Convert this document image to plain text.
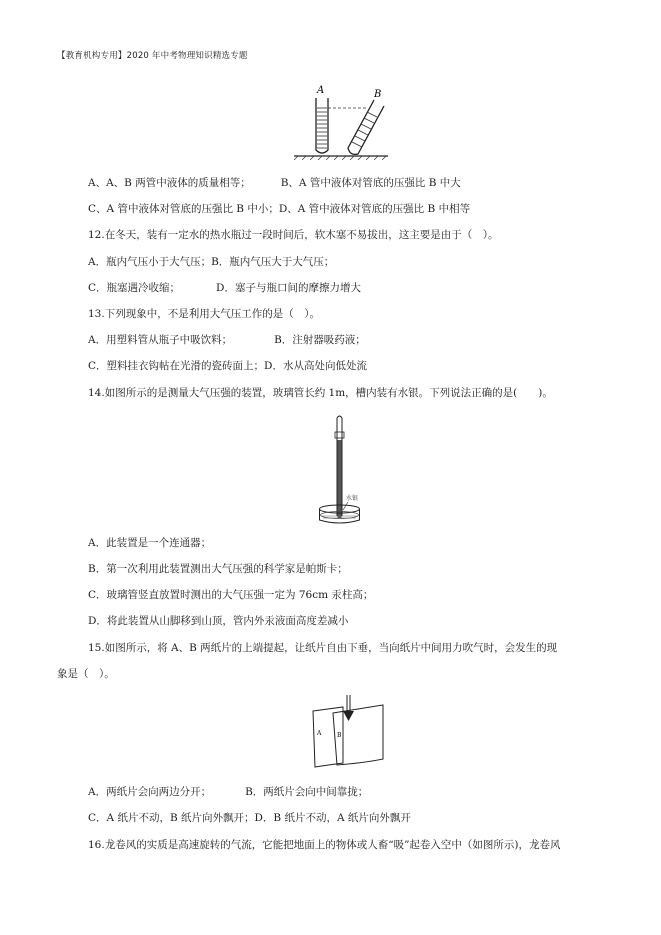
【教育机构专用】2020 年中考物理知识精选专题
A	B
A、A、B 两管中液体的质量相等；	B、A 管中液体对管底的压强比 B 中大
C、A 管中液体对管底的压强比 B 中小；D、A 管中液体对管底的压强比 B 中相等
12.在冬天，装有一定水的热水瓶过一段时间后，软木塞不易拔出，这主要是由于（　）。
A．瓶内气压小于大气压；B．瓶内气压大于大气压；
C．瓶塞遇冷收缩；	D．塞子与瓶口间的摩擦力增大
13.下列现象中，不是利用大气压工作的是（　）。
A．用塑料管从瓶子中吸饮料；	B．注射器吸药液；
C．塑料挂衣钩帖在光滑的瓷砖面上；D．水从高处向低处流
14.如图所示的是测量大气压强的装置，玻璃管长约 1m，槽内装有水银。下列说法正确的是(　　)。
水银
A．此装置是一个连通器；
B．第一次利用此装置测出大气压强的科学家是帕斯卡；
C．玻璃管竖直放置时测出的大气压强一定为 76cm 汞柱高；
D．将此装置从山脚移到山顶，管内外汞液面高度差减小
15.如图所示，将 A、B 两纸片的上端提起，让纸片自由下垂，当向纸片中间用力吹气时，会发生的现
象是（　）。
A	B
A．两纸片会向两边分开；	B．两纸片会向中间靠拢；
C．A 纸片不动，B 纸片向外飘开；D．B 纸片不动，A 纸片向外飘开
16.龙卷风的实质是高速旋转的气流，它能把地面上的物体或人畜“吸”起卷入空中（如图所示)，龙卷风
